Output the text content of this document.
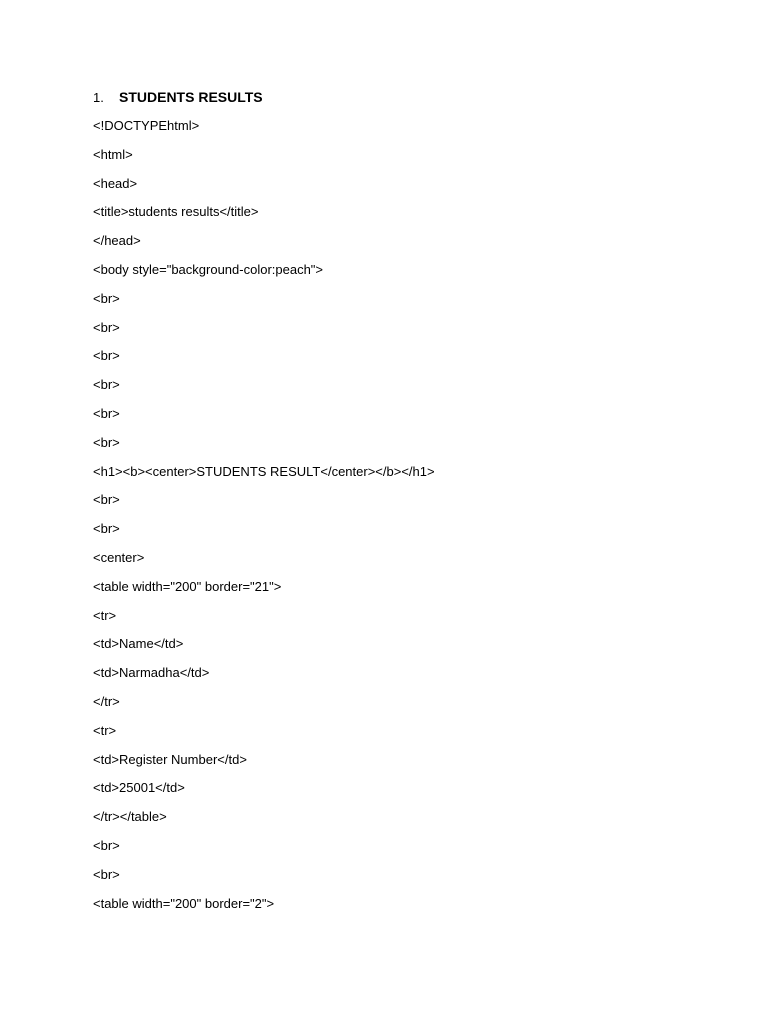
1.	STUDENTS RESULTS
<!DOCTYPEhtml>
<html>
<head>
<title>students results</title>
</head>
<body style="background-color:peach">
<br>
<br>
<br>
<br>
<br>
<br>
<h1><b><center>STUDENTS RESULT</center></b></h1>
<br>
<br>
<center>
<table width="200" border="21">
<tr>
<td>Name</td>
<td>Narmadha</td>
</tr>
<tr>
<td>Register Number</td>
<td>25001</td>
</tr></table>
<br>
<br>
<table width="200" border="2">
